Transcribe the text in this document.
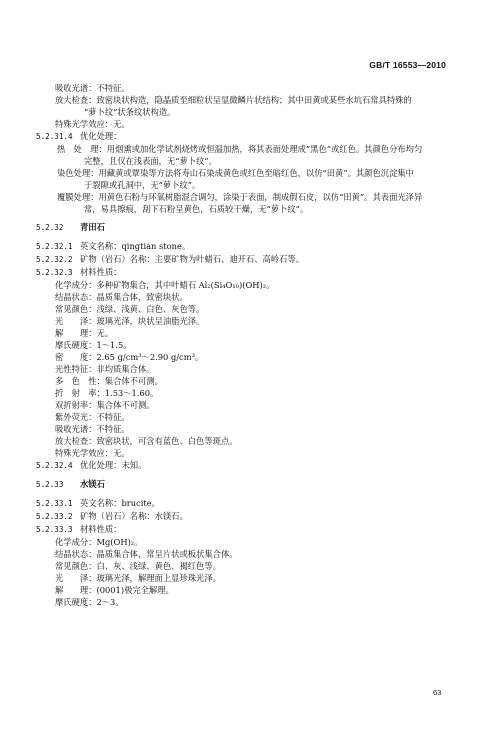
GB/T 16553—2010
吸收光谱：不特征。
放大检查：致密块状构造，隐晶质至细粒状呈显微鳞片状结构；其中田黄或某些水坑石常具特殊的
“萝卜纹”状条纹状构造。
特殊光学效应：无。
5.2.31.4 优化处理：
热　处　理：用烟熏或加化学试剂烧烤或恒温加热，将其表面处理成“黑色”或红色。其颜色分布均匀
完整，且仅在浅表面，无“萝卜纹”。
染色处理：用藏黄或覃染等方法将寿山石染成黄色或红色至暗红色，以仿“田黄”。其颜色沉淀集中
于裂隙或孔洞中，无“萝卜纹”。
覆膜处理：用黄色石粉与环氧树脂混合调匀，涂染于表面，制成假石皮，以仿“田黄”。其表面光泽异
常，易具擦痕，刮下石粉呈黄色，石质较干燥，无“萝卜纹”。
5.2.32 青田石
5.2.32.1 英文名称：qingtian stone。
5.2.32.2 矿物（岩石）名称：主要矿物为叶蜡石、迪开石、高岭石等。
5.2.32.3 材料性质：
化学成分：多种矿物集合，其中叶蜡石 Al₂(Si₄O₁₀)(OH)₂。
结晶状态：晶质集合体，致密块状。
常见颜色：浅绿、浅黄、白色、灰色等。
光　　泽：玻璃光泽，块状呈油脂光泽。
解　　理：无。
摩氏硬度：1～1.5。
密　　度：2.65 g/cm³～2.90 g/cm³。
光性特征：非均质集合体。
多　色　性：集合体不可测。
折　射　率：1.53～1.60。
双折射率：集合体不可测。
紫外荧光：不特征。
吸收光谱：不特征。
放大检查：致密块状，可含有蓝色、白色等斑点。
特殊光学效应：无。
5.2.32.4 优化处理：未知。
5.2.33 水镁石
5.2.33.1 英文名称：brucite。
5.2.33.2 矿物（岩石）名称：水镁石。
5.2.33.3 材料性质：
化学成分：Mg(OH)₂。
结晶状态：晶质集合体，常呈片状或板状集合体。
常见颜色：白、灰、浅绿、黄色、褐红色等。
光　　泽：玻璃光泽，解理面上显珍珠光泽。
解　　理：(0001)极完全解理。
摩氏硬度：2～3。
63
